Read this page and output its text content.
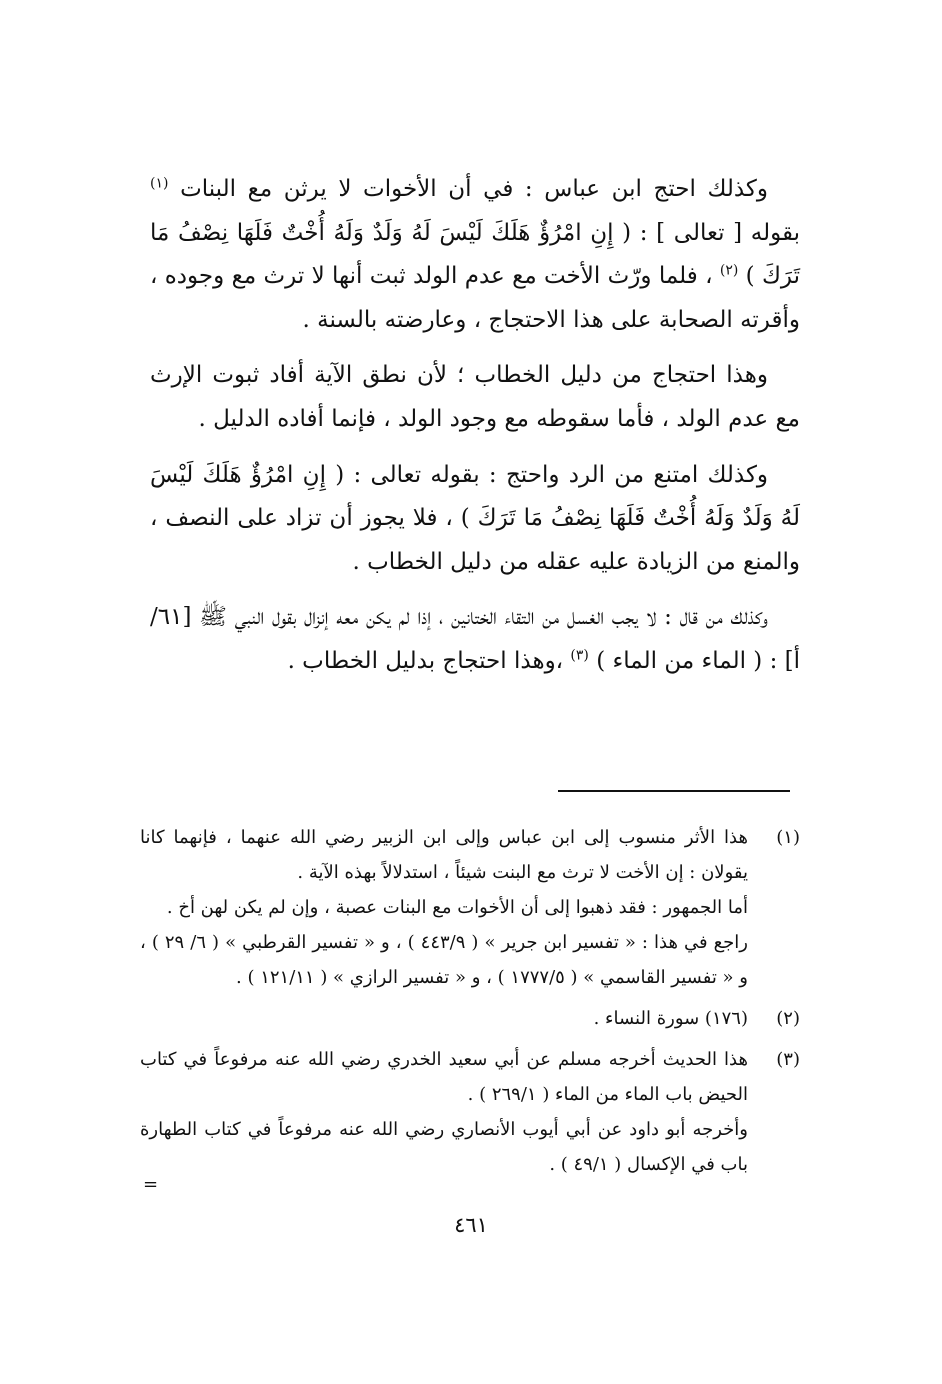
وكذلك احتج ابن عباس : في أن الأخوات لا يرثن مع البنات $^{(١)}$ بقوله [ تعالى ] : ( إِنِ امْرُؤٌ هَلَكَ لَيْسَ لَهُ وَلَدٌ وَلَهُ أُخْتٌ فَلَهَا نِصْفُ مَا تَرَكَ ) $^{(٢)}$ ، فلما ورّث الأخت مع عدم الولد ثبت أنها لا ترث مع وجوده ، وأقرته الصحابة على هذا الاحتجاج ، وعارضته بالسنة .

وهذا احتجاج من دليل الخطاب ؛ لأن نطق الآية أفاد ثبوت الإرث مع عدم الولد ، فأما سقوطه مع وجود الولد ، فإنما أفاده الدليل .

وكذلك امتنع من الرد واحتج : بقوله تعالى : ( إِنِ امْرُؤٌ هَلَكَ لَيْسَ لَهُ وَلَدٌ وَلَهُ أُخْتٌ فَلَهَا نِصْفُ مَا تَرَكَ ) ، فلا يجوز أن تزاد على النصف ، والمنع من الزيادة عليه عقله من دليل الخطاب .

وكذلك من قال : لا يجب الغسل من التقاء الختانين ، إذا لم يكن معه إنزال بقول النبي ﷺ [٦١/أ] : ( الماء من الماء ) $^{(٣)}$ ،وهذا احتجاج بدليل الخطاب .

(١)
هذا الأثر منسوب إلى ابن عباس وإلى ابن الزبير رضي الله عنهما ، فإنهما كانا يقولان : إن الأخت لا ترث مع البنت شيئاً ، استدلالاً بهذه الآية .
أما الجمهور : فقد ذهبوا إلى أن الأخوات مع البنات عصبة ، وإن لم يكن لهن أخ .
راجع في هذا : « تفسير ابن جرير » ( ٤٤٣/٩ ) ، و « تفسير القرطبي » ( ٦/ ٢٩ ) ، و « تفسير القاسمي » ( ١٧٧٧/٥ ) ، و « تفسير الرازي » ( ١٢١/١١ ) .
(٢)
(١٧٦) سورة النساء .
(٣)
هذا الحديث أخرجه مسلم عن أبي سعيد الخدري رضي الله عنه مرفوعاً في كتاب الحيض باب الماء من الماء ( ٢٦٩/١ ) .
وأخرجه أبو داود عن أبي أيوب الأنصاري رضي الله عنه مرفوعاً في كتاب الطهارة باب في الإكسال ( ٤٩/١ ) .
=
٤٦١
